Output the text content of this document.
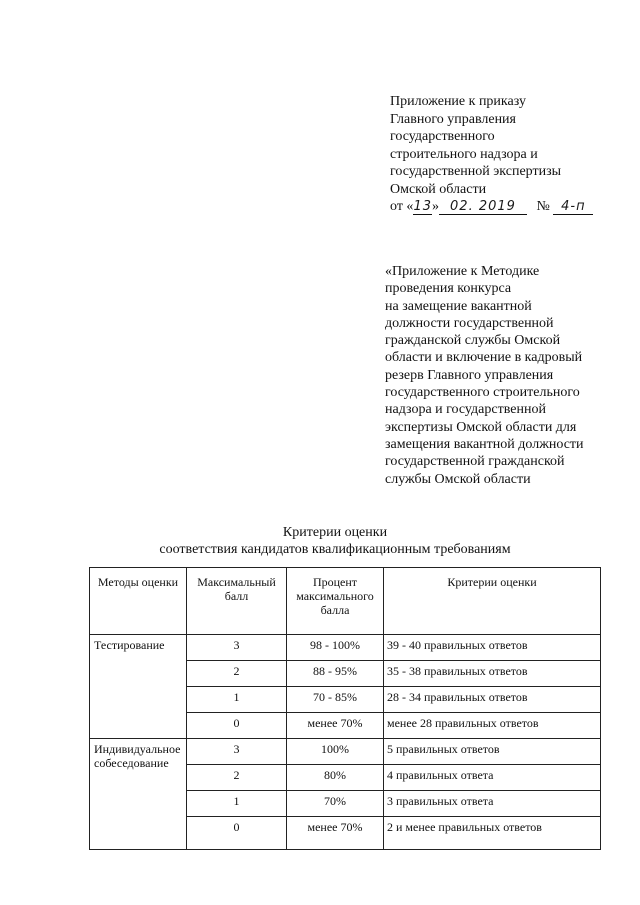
Приложение к приказу
Главного управления
государственного
строительного надзора и
государственной экспертизы
Омской области
от «13» 02. 2019 № 4-п
«Приложение к Методике
проведения конкурса
на замещение вакантной
должности государственной
гражданской службы Омской
области и включение в кадровый
резерв Главного управления
государственного строительного
надзора и государственной
экспертизы Омской области для
замещения вакантной должности
государственной гражданской
службы Омской области
Критерии оценки
соответствия кандидатов квалификационным требованиям
Методы оценки	Максимальный балл	Процент максимального балла	Критерии оценки
Тестирование	3	98 - 100%	39 - 40 правильных ответов
	2	88 - 95%	35 - 38 правильных ответов
	1	70 - 85%	28 - 34 правильных ответов
	0	менее 70%	менее 28 правильных ответов
Индивидуальное собеседование	3	100%	5 правильных ответов
	2	80%	4 правильных ответа
	1	70%	3 правильных ответа
	0	менее 70%	2 и менее правильных ответов
